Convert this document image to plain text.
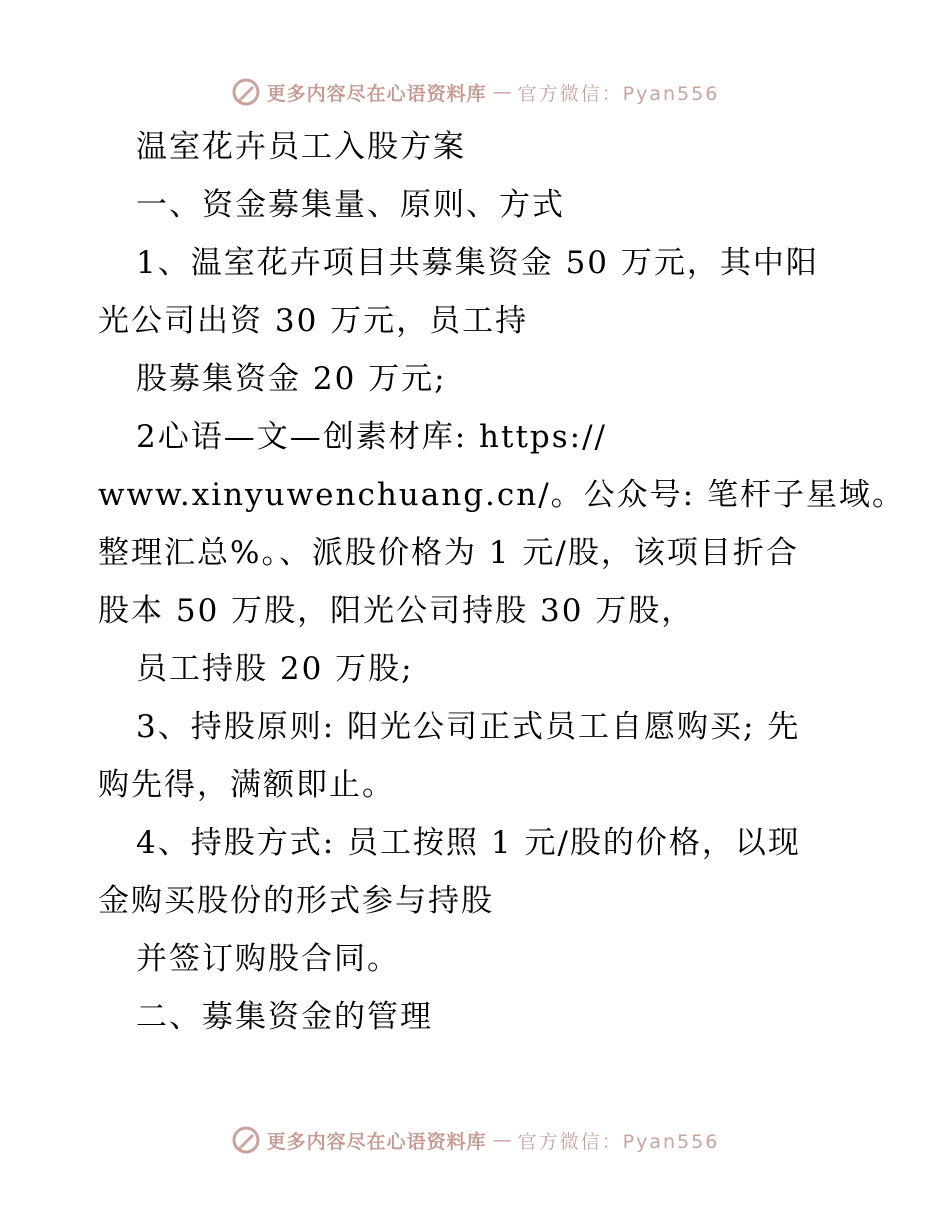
更多内容尽在心语资料库 — 官方微信：Pyan556
温室花卉员工入股方案
一、资金募集量、原则、方式
1、温室花卉项目共募集资金 50 万元，其中阳
光公司出资 30 万元，员工持
股募集资金 20 万元;
2心语—文—创素材库: https://
www.xinyuwenchuang.cn/。公众号: 笔杆子星域。
整理汇总%。、派股价格为 1 元/股，该项目折合
股本 50 万股，阳光公司持股 30 万股，
员工持股 20 万股;
3、持股原则: 阳光公司正式员工自愿购买; 先
购先得，满额即止。
4、持股方式: 员工按照 1 元/股的价格，以现
金购买股份的形式参与持股
并签订购股合同。
二、募集资金的管理
更多内容尽在心语资料库 — 官方微信：Pyan556
